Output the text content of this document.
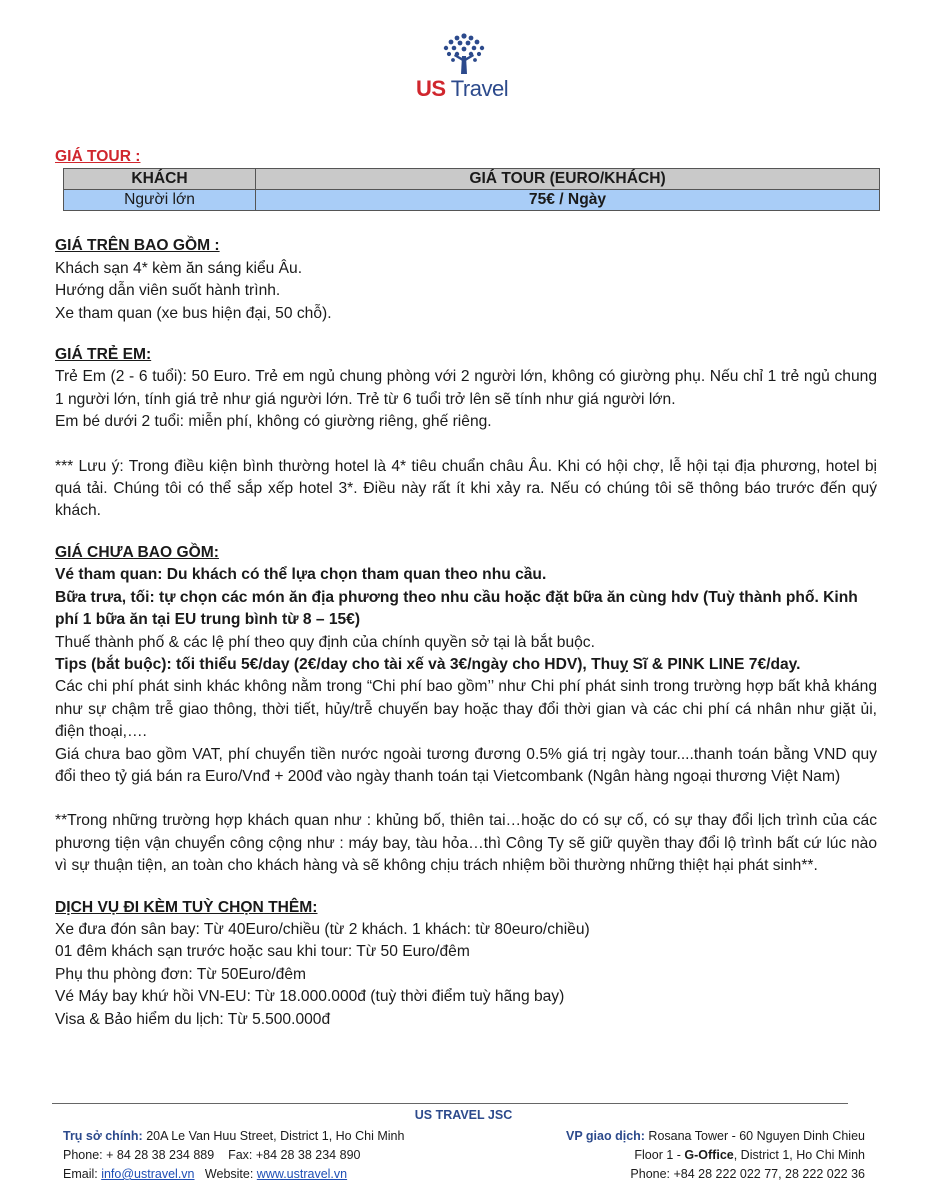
US Travel

GIÁ TOUR :

KHÁCH	GIÁ TOUR (EURO/KHÁCH)
Người lớn	75€ / Ngày
GIÁ TRÊN BAO GỒM :
Khách sạn 4* kèm ăn sáng kiểu Âu.
Hướng dẫn viên suốt hành trình.
Xe tham quan (xe bus hiện đại, 50 chỗ).
GIÁ TRẺ EM:
Trẻ Em (2 - 6 tuổi): 50 Euro. Trẻ em ngủ chung phòng với 2 người lớn, không có giường phụ. Nếu chỉ 1 trẻ ngủ chung 1 người lớn, tính giá trẻ như giá người lớn. Trẻ từ 6 tuổi trở lên sẽ tính như giá người lớn.
Em bé dưới 2 tuổi: miễn phí, không có giường riêng, ghế riêng.
*** Lưu ý: Trong điều kiện bình thường hotel là 4* tiêu chuẩn châu Âu. Khi có hội chợ, lễ hội tại địa phương, hotel bị quá tải. Chúng tôi có thể sắp xếp hotel 3*. Điều này rất ít khi xảy ra. Nếu có chúng tôi sẽ thông báo trước đến quý khách.
GIÁ CHƯA BAO GỒM:
Vé tham quan: Du khách có thể lựa chọn tham quan theo nhu cầu.
Bữa trưa, tối: tự chọn các món ăn địa phương theo nhu cầu hoặc đặt bữa ăn cùng hdv (Tuỳ thành phố. Kinh phí 1 bữa ăn tại EU trung bình từ 8 – 15€)
Thuế thành phố & các lệ phí theo quy định của chính quyền sở tại là bắt buộc.
Tips (bắt buộc): tối thiểu 5€/day (2€/day cho tài xế và 3€/ngày cho HDV), Thuỵ Sĩ & PINK LINE 7€/day.
Các chi phí phát sinh khác không nằm trong “Chi phí bao gồm’’ như Chi phí phát sinh trong trường hợp bất khả kháng như sự chậm trễ giao thông, thời tiết, hủy/trễ chuyến bay hoặc thay đổi thời gian và các chi phí cá nhân như giặt ủi, điện thoại,….
Giá chưa bao gồm VAT, phí chuyển tiền nước ngoài tương đương 0.5% giá trị ngày tour....thanh toán bằng VND quy đổi theo tỷ giá bán ra Euro/Vnđ + 200đ vào ngày thanh toán tại Vietcombank (Ngân hàng ngoại thương Việt Nam)
**Trong những trường hợp khách quan như : khủng bố, thiên tai…hoặc do có sự cố, có sự thay đổi lịch trình của các phương tiện vận chuyển công cộng như : máy bay, tàu hỏa…thì Công Ty sẽ giữ quyền thay đổi lộ trình bất cứ lúc nào vì sự thuận tiện, an toàn cho khách hàng và sẽ không chịu trách nhiệm bồi thường những thiệt hại phát sinh**.
DỊCH VỤ ĐI KÈM TUỲ CHỌN THÊM:
Xe đưa đón sân bay: Từ 40Euro/chiều (từ 2 khách. 1 khách: từ 80euro/chiều)
01 đêm khách sạn trước hoặc sau khi tour: Từ 50 Euro/đêm
Phụ thu phòng đơn: Từ 50Euro/đêm
Vé Máy bay khứ hồi VN-EU: Từ 18.000.000đ (tuỳ thời điểm tuỳ hãng bay)
Visa & Bảo hiểm du lịch: Từ 5.500.000đ
US TRAVEL JSC
Trụ sở chính: 20A Le Van Huu Street, District 1, Ho Chi Minh
Phone: + 84 28 38 234 889    Fax: +84 28 38 234 890
Email: info@ustravel.vn   Website: www.ustravel.vn
VP giao dịch: Rosana Tower - 60 Nguyen Dinh Chieu
Floor 1 - G-Office, District 1, Ho Chi Minh
Phone: +84 28 222 022 77, 28 222 022 36
